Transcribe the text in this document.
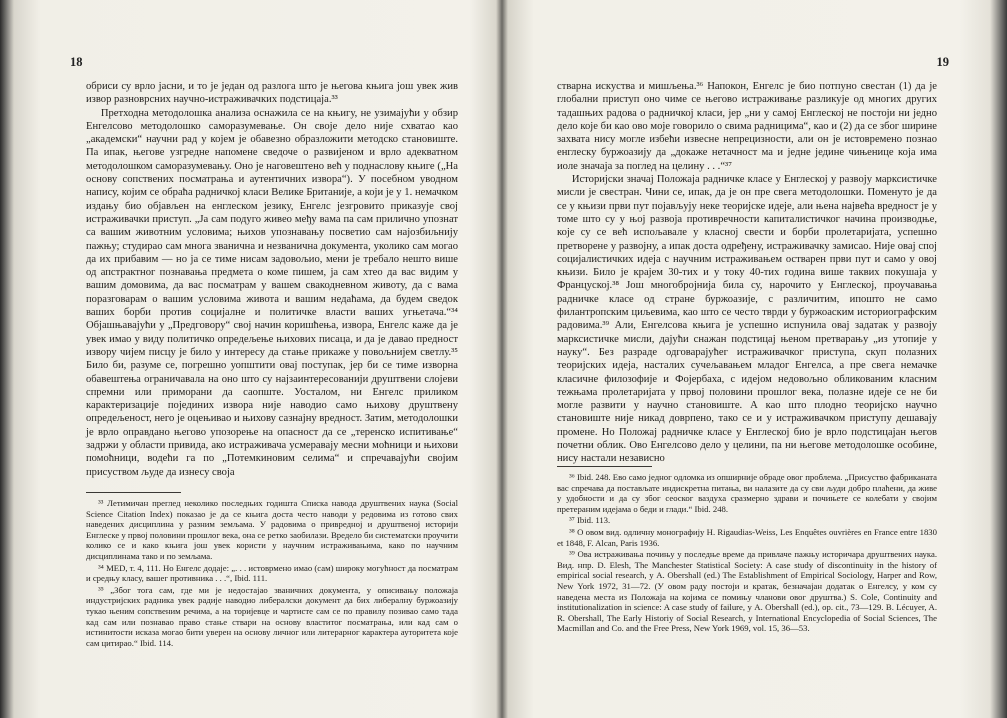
18

обриси су врло јасни, и то је један од разлога што је његова књига још увек жив извор разноврсних научно-истраживачких подстицаја.³³

Претходна методолошка анализа оснажила се на књигу, не узимајући у обзир Енгелсово методолошко саморазумевање. Он своје дело није схватао као „академски“ научни рад у којем је обавезно образложити методско становиште. Па ипак, његове узгредне напомене сведоче о развијеном и врло адекватном методолошком саморазумевању. Оно је наговештено већ у поднаслову књиге („На основу сопствених посматрања и аутентичних извора“). У посебном уводном напису, којим се обраћа радничкој класи Велике Британије, а који је у 1. немачком издању био објављен на енглеском језику, Енгелс језгровито приказује свој истраживачки приступ. „Ја сам подуго живео међу вама па сам прилично упознат са вашим животним условима; њихов упознавању посветио сам најозбиљнију пажњу; студирао сам многа званична и незванична документа, уколико сам могао да их прибавим — но ја се тиме нисам задовољио, мени је требало нешто више од апстрактног познавања предмета о коме пишем, ја сам хтео да вас видим у вашим домовима, да вас посматрам у вашем свакодневном животу, да с вама поразговарам о вашим условима живота и вашим недаћама, да будем сведок ваших борби против социјалне и политичке власти ваших угњетача.“³⁴ Објашњавајући у „Предговору“ свој начин коришћења, извора, Енгелс каже да је увек имао у виду политичко опредељење њихових писаца, и да је давао предност извору чијем писцу је било у интересу да стање прикаже у повољнијем светлу.³⁵ Било би, разуме се, погрешно уопштити овај поступак, јер би се тиме изворна обавештења ограничавала на оно што су најзаинтересованији друштвени слојеви спремни или приморани да саопште. Уосталом, ни Енгелс приликом карактеризације појединих извора није наводио само њихову друштвену опредељеност, него је оцењивао и њихову сазнајну вредност. Затим, методолошки је врло оправдано његово упозорење на опасност да се „теренско испитивање“ задржи у области привида, ако истраживача усмеравају месни моћници и њихови помоћници, водећи га по „Потемкиновим селима“ и спречавајући својим присуством људе да изнесу своја

³³ Летимичан преглед неколико последњих годишта Списка навода друштвених наука (Social Science Citation Index) показао је да се књига доста често наводи у редовима из готово свих наведених дисциплина у разним земљама. У радовима о привредној и друштвеној историји Енглеске у првој половини прошлог века, она се ретко заобилази. Вредело би систематски проучити колико се и како књига још увек користи у научним истраживањима, како по научним дисциплинама тако и по земљама.

³⁴ MED, т. 4, 111. Но Енгелс додаје: „. . . истоврмено имао (сам) широку могућност да посматрам и средњу класу, вашег противника . . .“, Ibid. 111.

³⁵ „Због тога сам, где ми је недостајао званичних документа, у описивању положаја индустријских радника увек радије наводио либералски документ да бих либералну буржоазију тукао њеним сопственим речима, а на торијевце и чартисте сам се по правилу позивао само тада кад сам или познавао право стање ствари на основу властитог посматрања, или кад сам о истинитости исказа могао бити уверен на основу личног или литерарног карактера ауторитета које сам цитирао.“ Ibid. 114.

19

стварна искуства и мишљења.³⁶ Напокон, Енгелс је био потпуно свестан (1) да је глобални приступ оно чиме се његово истраживање разликује од многих других тадашњих радова о радничкој класи, јер „ни у самој Енглеској не постоји ни једно дело које би као ово моје говорило о свима радницима“, као и (2) да се због ширине захвата нису могле избећи извесне непрецизности, али он је истовремено познао енглеску буржоазију да „докаже нетачност ма и једне једине чињенице која има иоле значаја за поглед на целину . . .“³⁷

Историјски значај Положаја радничке класе у Енглеској у развоју марксистичке мисли је свестран. Чини се, ипак, да је он пре свега методолошки. Поменуто је да се у књизи први пут појављују неке теоријске идеје, али њена највећа вредност је у томе што су у њој развоја противречности капиталистичког начина производње, које су се већ испољавале у класној свести и борби пролетаријата, успешно претворене у развојну, а ипак доста одређену, истраживачку замисао. Није овај спој социјалистичких идеја с научним истраживањем остварен први пут и само у овој књизи. Било је крајем 30-тих и у току 40-тих година више таквих покушаја у Француској.³⁸ Још многобројнија била су, нарочито у Енглеској, проучавања радничке класе од стране буржоазије, с различитим, ипошто не само филантропским циљевима, као што се често тврди у буржоаским историографским радовима.³⁹ Али, Енгелсова књига је успешно испунила овај задатак у развоју марксистичке мисли, дајући снажан подстицај њеном претварању „из утопије у науку“. Без разраде одговарајућег истраживачког приступа, скуп полазних теоријских идеја, насталих сучељавањем младог Енгелса, а пре свега немачке класичне филозофије и Фојербаха, с идејом недовољно обликованим класним тежњама пролетаријата у првој половини прошлог века, полазне идеје се не би могле развити у научно становиште. А као што плодно теоријско научно становиште није никад доврпено, тако се и у истраживачком приступу дешавају промене. Но Положај радничке класе у Енглеској био је врло подстицајан његов почетни облик. Ово Енгелсово дело у целини, па ни његове методолошке особине, нису настали независно

³⁶ Ibid. 248. Ево само једног одломка из опширније обраде овог проблема. „Присуство фабриканата вас спречава да постављате индискретна питања, ви налазите да су сви људи добро плаћени, да живе у удобности и да су због сеоског ваздуха сразмерно здрави и почињете се колебати у својим претераним идејама о беди и глади.“ Ibid. 248.

³⁷ Ibid. 113.

³⁸ О овом вид. одличну монографију H. Rigaudias-Weiss, Les Enquêtes ouvrières en France entre 1830 et 1848, F. Alcan, Paris 1936.

³⁹ Ова истраживања почињу у последње време да привлаче пажњу историчара друштвених наука. Вид. нпр. D. Elesh, The Manchester Statistical Society: A case study of discontinuity in the history of empirical social research, у A. Obershall (ed.) The Establishment of Empirical Sociology, Harper and Row, New York 1972, 31—72. (У овом раду постоји и кратак, безначајан додатак о Енгелсу, у ком су наведена места из Положаја на којима се помињу чланови овог друштва.) S. Cole, Continuity and institutionalization in science: A case study of failure, у A. Obershall (ed.), op. cit., 73—129. B. Lécuyer, A. R. Obershall, The Early Historiy of Social Research, у International Encyclopedia of Social Sciences, The Macmillan and Co. and the Free Press, New York 1969, vol. 15, 36—53.
